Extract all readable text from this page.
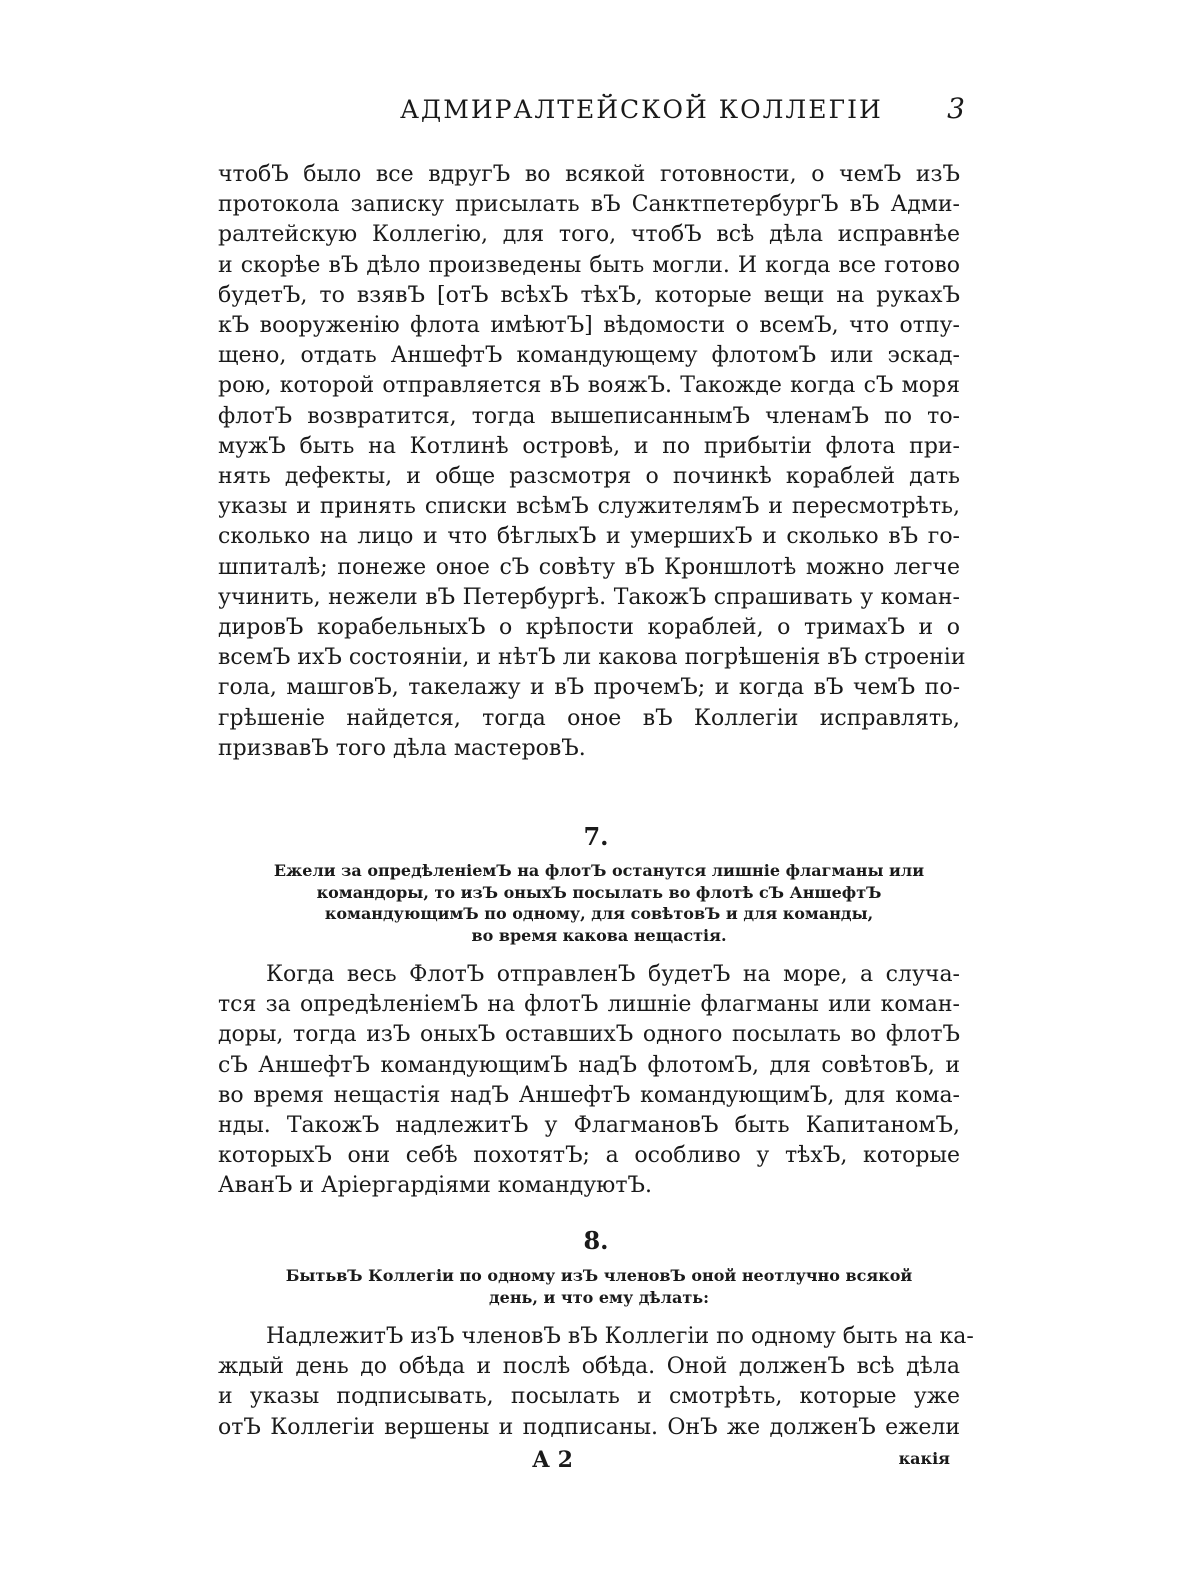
АДМИРАЛТЕЙСКОЙ КОЛЛЕГІИ 3
чтобЪ было все вдругЪ во всякой готовности, о чемЪ изЪ
протокола записку присылать вЪ СанктпетербургЪ вЪ Адми-
ралтейскую Коллегію, для того, чтобЪ всѣ дѣла исправнѣе
и скорѣе вЪ дѣло произведены быть могли. И когда все готово
будетЪ, то взявЪ [отЪ всѣхЪ тѣхЪ, которые вещи на рукахЪ
кЪ вооруженію флота имѣютЪ] вѣдомости о всемЪ, что отпу-
щено, отдать АншефтЪ командующему флотомЪ или эскад-
рою, которой отправляется вЪ вояжЪ. Такожде когда сЪ моря
флотЪ возвратится, тогда вышеписаннымЪ членамЪ по то-
мужЪ быть на Котлинѣ островѣ, и по прибытіи флота при-
нять дефекты, и обще разсмотря о починкѣ кораблей дать
указы и принять списки всѣмЪ служителямЪ и пересмотрѣть,
сколько на лицо и что бѣглыхЪ и умершихЪ и сколько вЪ го-
шпиталѣ; понеже оное сЪ совѣту вЪ Кроншлотѣ можно легче
учинить, нежели вЪ Петербургѣ. ТакожЪ спрашивать у коман-
дировЪ корабельныхЪ о крѣпости кораблей, о тримахЪ и о
всемЪ ихЪ состояніи, и нѣтЪ ли какова погрѣшенія вЪ строеніи
гола, машговЪ, такелажу и вЪ прочемЪ; и когда вЪ чемЪ по-
грѣшеніе найдется, тогда оное вЪ Коллегіи исправлять,
призвавЪ того дѣла мастеровЪ.
7.
Ежели за опредѣленіемЪ на флотЪ останутся лишніе флагманы или
командоры, то изЪ оныхЪ посылать во флотѣ сЪ АншефтЪ
командующимЪ по одному, для совѣтовЪ и для команды,
во время какова нещастія.
Когда весь ФлотЪ отправленЪ будетЪ на море, а случа-
тся за опредѣленіемЪ на флотЪ лишніе флагманы или коман-
доры, тогда изЪ оныхЪ оставшихЪ одного посылать во флотЪ
сЪ АншефтЪ командующимЪ надЪ флотомЪ, для совѣтовЪ, и
во время нещастія надЪ АншефтЪ командующимЪ, для кома-
нды. ТакожЪ надлежитЪ у ФлагмановЪ быть КапитаномЪ,
которыхЪ они себѣ похотятЪ; а особливо у тѣхЪ, которые
АванЪ и Аріергардіями командуютЪ.
8.
БытьвЪ Коллегіи по одному изЪ членовЪ оной неотлучно всякой
день, и что ему дѣлать:
НадлежитЪ изЪ членовЪ вЪ Коллегіи по одному быть на ка-
ждый день до обѣда и послѣ обѣда. Оной долженЪ всѣ дѣла
и указы подписывать, посылать и смотрѣть, которые уже
отЪ Коллегіи вершены и подписаны. ОнЪ же долженЪ ежели
А 2	какія
